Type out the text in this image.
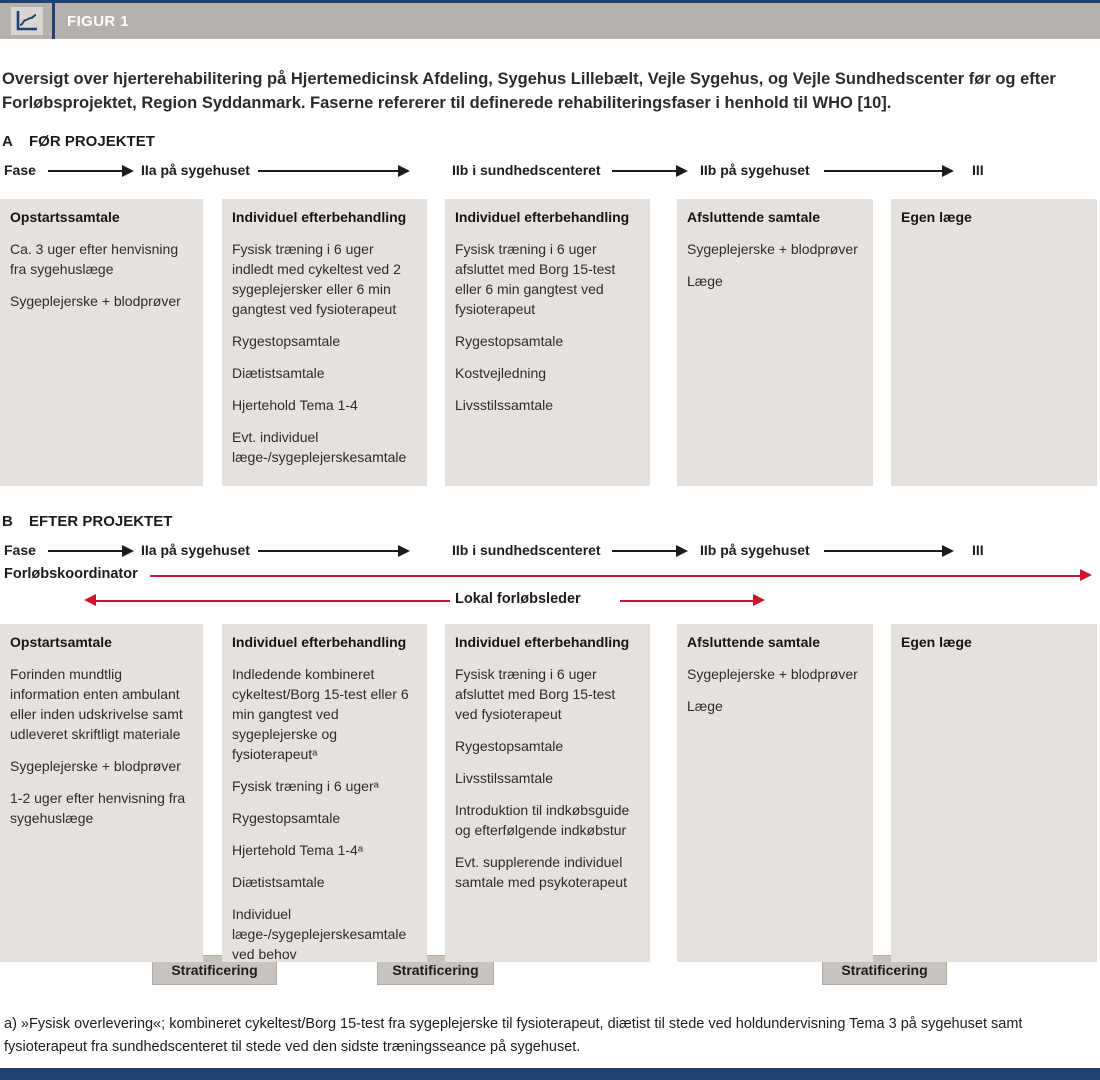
FIGUR 1

Oversigt over hjerterehabilitering på Hjertemedicinsk Afdeling, Sygehus Lillebælt, Vejle Sygehus, og Vejle Sundhedscenter før og efter Forløbsprojektet, Region Syddanmark. Faserne refererer til definerede rehabiliteringsfaser i henhold til WHO [10].

A FØR PROJEKTET
Fase	IIa på sygehuset	IIb i sundhedscenteret	IIb på sygehuset	III
Opstartssamtale

Ca. 3 uger efter henvisning fra sygehuslæge

Sygeplejerske + blodprøver

Individuel efterbehandling

Fysisk træning i 6 uger indledt med cykeltest ved 2 sygeplejersker eller 6 min gangtest ved fysioterapeut

Rygestopsamtale

Diætistsamtale

Hjertehold Tema 1-4

Evt. individuel læge-/sygeplejerskesamtale

Individuel efterbehandling

Fysisk træning i 6 uger afsluttet med Borg 15-test eller 6 min gangtest ved fysioterapeut

Rygestopsamtale

Kostvejledning

Livsstilssamtale

Afsluttende samtale

Sygeplejerske + blodprøver

Læge

Egen læge
B EFTER PROJEKTET
Fase	IIa på sygehuset	IIb i sundhedscenteret	IIb på sygehuset	III
Forløbskoordinator
Lokal forløbsleder
Stratificering	Stratificering	Stratificering
Opstartsamtale

Forinden mundtlig information enten ambulant eller inden udskrivelse samt udleveret skriftligt materiale

Sygeplejerske + blodprøver

1-2 uger efter henvisning fra sygehuslæge

Individuel efterbehandling

Indledende kombineret cykeltest/Borg 15-test eller 6 min gangtest ved sygeplejerske og fysioterapeutᵃ

Fysisk træning i 6 ugerᵃ

Rygestopsamtale

Hjertehold Tema 1-4ᵃ

Diætistsamtale

Individuel læge-/sygeplejerskesamtale ved behov

Individuel efterbehandling

Fysisk træning i 6 uger afsluttet med Borg 15-test ved fysioterapeut

Rygestopsamtale

Livsstilssamtale

Introduktion til indkøbsguide og efterfølgende indkøbstur

Evt. supplerende individuel samtale med psykoterapeut

Afsluttende samtale

Sygeplejerske + blodprøver

Læge

Egen læge

a) »Fysisk overlevering«; kombineret cykeltest/Borg 15-test fra sygeplejerske til fysioterapeut, diætist til stede ved holdundervisning Tema 3 på sygehuset samt fysioterapeut fra sundhedscenteret til stede ved den sidste træningsseance på sygehuset.
